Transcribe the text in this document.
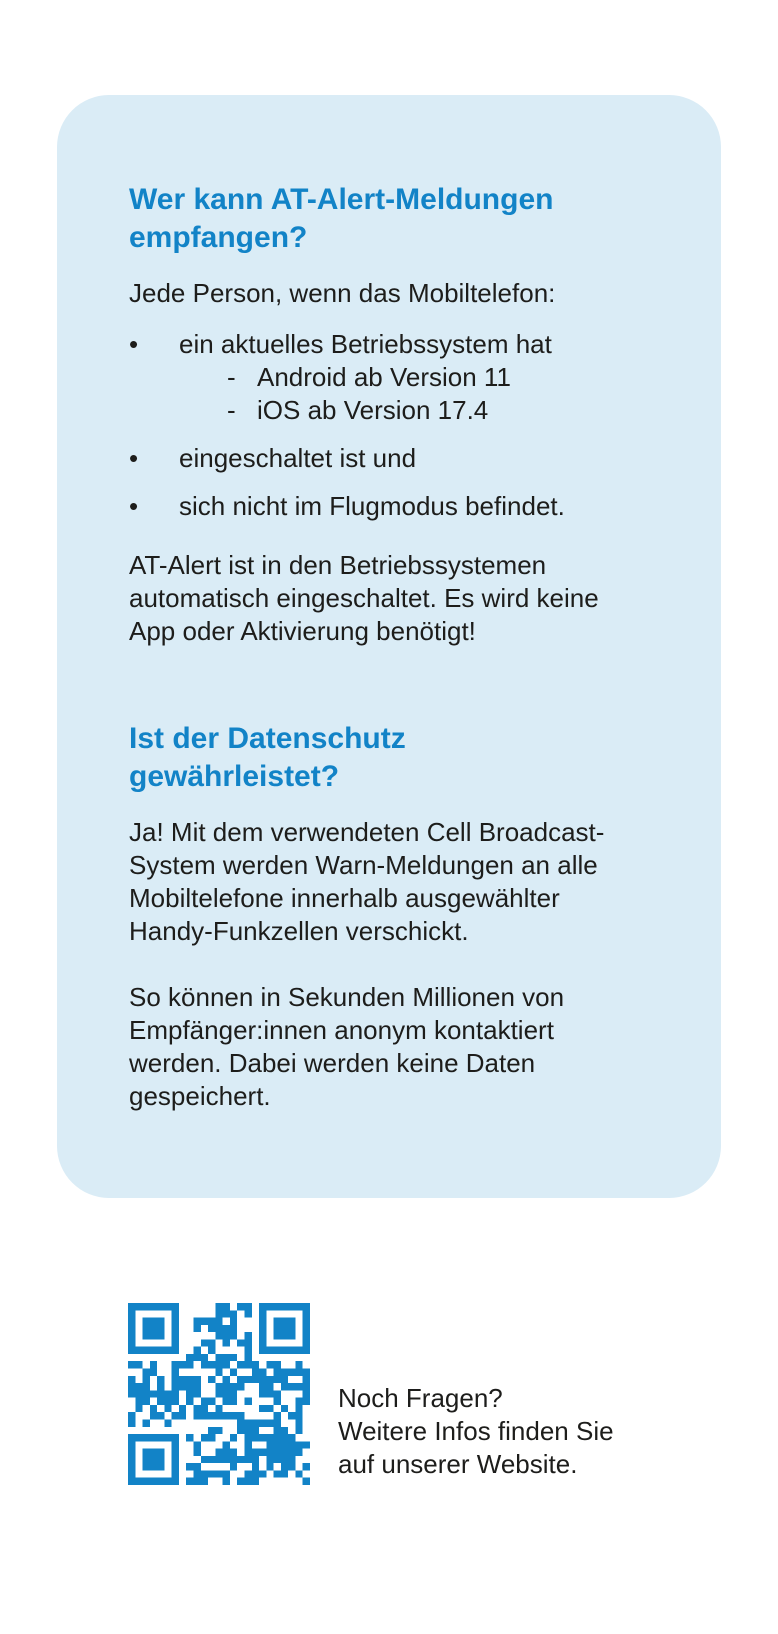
Wer kann AT-Alert-Meldungen
empfangen?

Jede Person, wenn das Mobiltelefon:

• ein aktuelles Betriebssystem hat
- Android ab Version 11
- iOS ab Version 17.4
• eingeschaltet ist und
• sich nicht im Flugmodus befindet.

AT-Alert ist in den Betriebssystemen
automatisch eingeschaltet. Es wird keine
App oder Aktivierung benötigt!

Ist der Datenschutz
gewährleistet?

Ja! Mit dem verwendeten Cell Broadcast-
System werden Warn-Meldungen an alle
Mobiltelefone innerhalb ausgewählter
Handy-Funkzellen verschickt.

So können in Sekunden Millionen von
Empfänger:innen anonym kontaktiert
werden. Dabei werden keine Daten
gespeichert.

Noch Fragen?
Weitere Infos finden Sie
auf unserer Website.
